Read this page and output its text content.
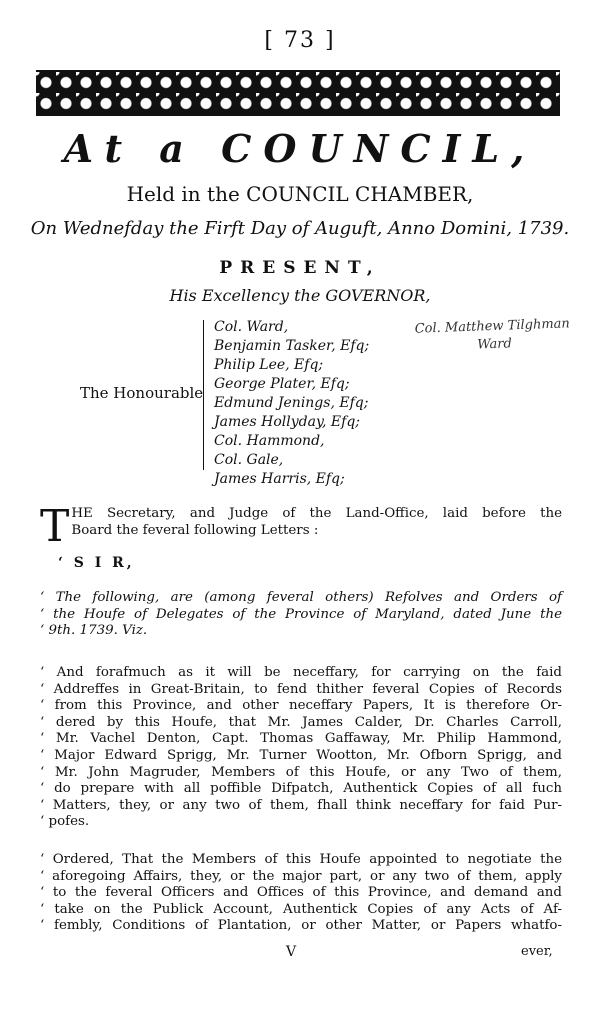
[ 73 ]
At a COUNCIL,
Held in the COUNCIL CHAMBER,
On Wednefday the Firft Day of Auguft, Anno Domini, 1739.
PRESENT,
His Excellency the GOVERNOR,
The Honourable
Col. Ward,
Benjamin Tasker, Efq;
Philip Lee, Efq;
George Plater, Efq;
Edmund Jenings, Efq;
James Hollyday, Efq;
Col. Hammond,
Col. Gale,
James Harris, Efq;
Col. Matthew Tilghman
Ward
T HE Secretary, and Judge of the Land-Office, laid before the
Board the feveral following Letters :
‘ S I R,
‘ The following, are (among feveral others) Refolves and Orders of
‘ the Houfe of Delegates of the Province of Maryland, dated June the
‘ 9th. 1739. Viz.
‘ And forafmuch as it will be neceffary, for carrying on the faid
‘ Addreffes in Great-Britain, to fend thither feveral Copies of Records
‘ from this Province, and other neceffary Papers, It is therefore Or-
‘ dered by this Houfe, that Mr. James Calder, Dr. Charles Carroll,
‘ Mr. Vachel Denton, Capt. Thomas Gaffaway, Mr. Philip Hammond,
‘ Major Edward Sprigg, Mr. Turner Wootton, Mr. Ofborn Sprigg, and
‘ Mr. John Magruder, Members of this Houfe, or any Two of them,
‘ do prepare with all poffible Difpatch, Authentick Copies of all fuch
‘ Matters, they, or any two of them, fhall think neceffary for faid Pur-
‘ pofes.
‘ Ordered, That the Members of this Houfe appointed to negotiate the
‘ aforegoing Affairs, they, or the major part, or any two of them, apply
‘ to the feveral Officers and Offices of this Province, and demand and
‘ take on the Publick Account, Authentick Copies of any Acts of Af-
‘ fembly, Conditions of Plantation, or other Matter, or Papers whatfo-
V	ever,
